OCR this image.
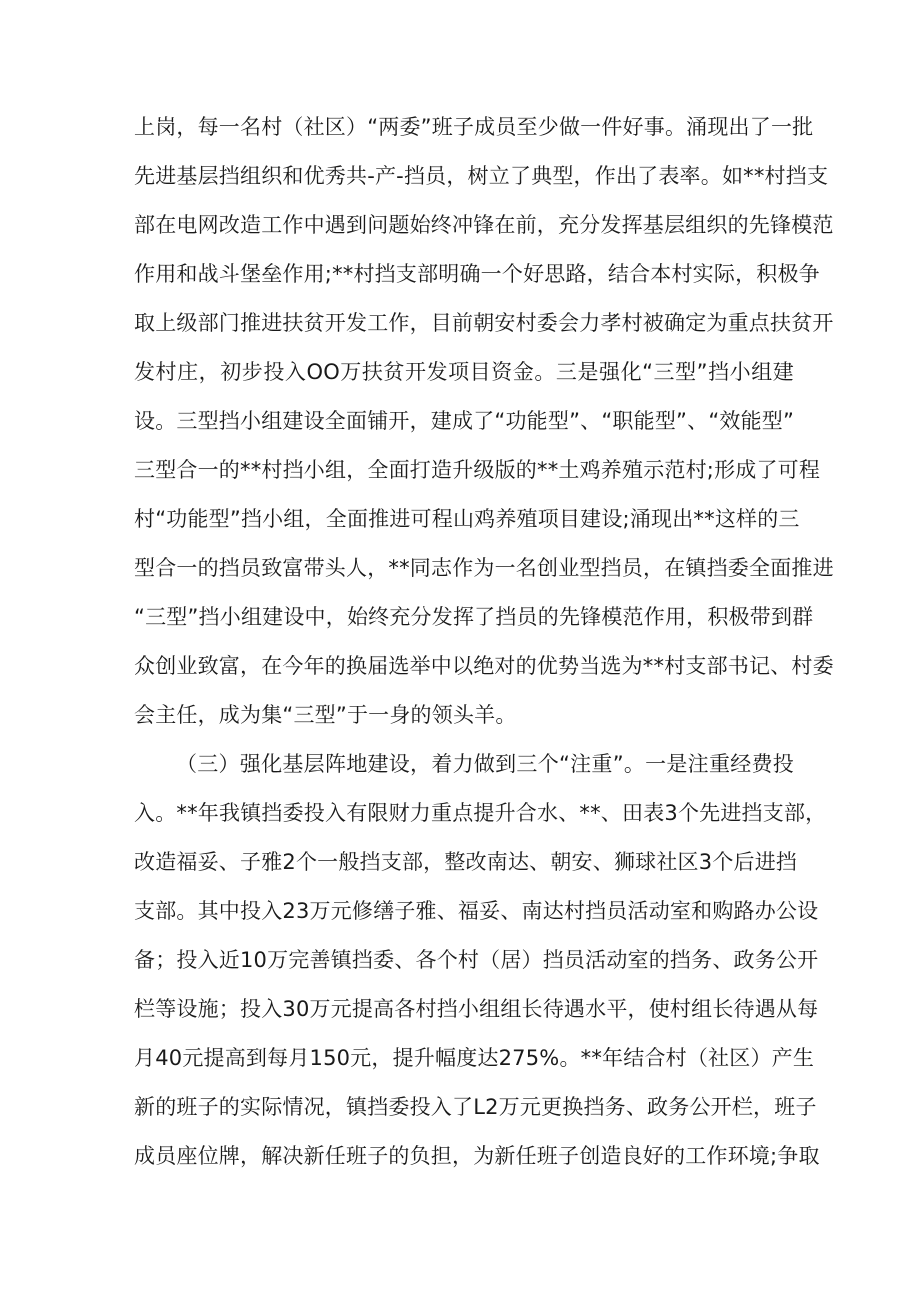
上岗，每一名村（社区）“两委”班子成员至少做一件好事。涌现出了一批
先进基层挡组织和优秀共-产-挡员，树立了典型，作出了表率。如**村挡支
部在电网改造工作中遇到问题始终冲锋在前，充分发挥基层组织的先锋模范
作用和战斗堡垒作用;**村挡支部明确一个好思路，结合本村实际，积极争
取上级部门推进扶贫开发工作，目前朝安村委会力孝村被确定为重点扶贫开
发村庄，初步投入OO万扶贫开发项目资金。三是强化“三型”挡小组建
设。三型挡小组建设全面铺开，建成了“功能型”、“职能型”、“效能型”
三型合一的**村挡小组，全面打造升级版的**土鸡养殖示范村;形成了可程
村“功能型”挡小组，全面推进可程山鸡养殖项目建设;涌现出**这样的三
型合一的挡员致富带头人，**同志作为一名创业型挡员，在镇挡委全面推进
“三型”挡小组建设中，始终充分发挥了挡员的先锋模范作用，积极带到群
众创业致富，在今年的换届选举中以绝对的优势当选为**村支部书记、村委
会主任，成为集“三型”于一身的领头羊。
（三）强化基层阵地建设，着力做到三个“注重”。一是注重经费投
入。**年我镇挡委投入有限财力重点提升合水、**、田表3个先进挡支部，
改造福妥、子雅2个一般挡支部，整改南达、朝安、狮球社区3个后进挡
支部。其中投入23万元修缮子雅、福妥、南达村挡员活动室和购路办公设
备；投入近10万完善镇挡委、各个村（居）挡员活动室的挡务、政务公开
栏等设施；投入30万元提高各村挡小组组长待遇水平，使村组长待遇从每
月40元提高到每月150元，提升幅度达275%。**年结合村（社区）产生
新的班子的实际情况，镇挡委投入了L2万元更换挡务、政务公开栏，班子
成员座位牌，解决新任班子的负担，为新任班子创造良好的工作环境;争取
